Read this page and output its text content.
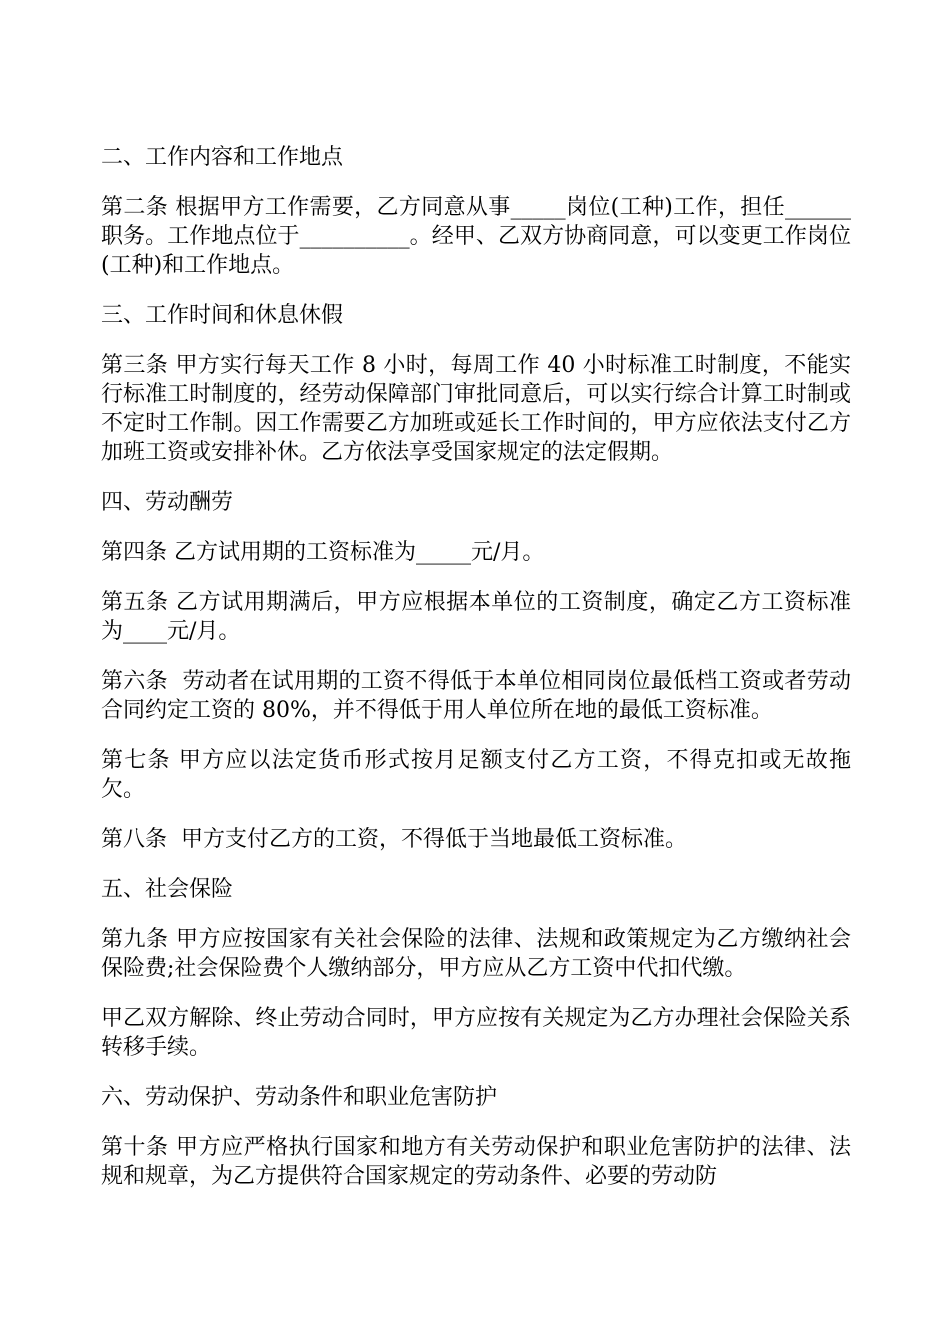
二、工作内容和工作地点

第二条 根据甲方工作需要，乙方同意从事_____岗位(工种)工作，担任______职务。工作地点位于__________。经甲、乙双方协商同意，可以变更工作岗位(工种)和工作地点。

三、工作时间和休息休假

第三条 甲方实行每天工作 8 小时，每周工作 40 小时标准工时制度，不能实行标准工时制度的，经劳动保障部门审批同意后，可以实行综合计算工时制或不定时工作制。因工作需要乙方加班或延长工作时间的，甲方应依法支付乙方加班工资或安排补休。乙方依法享受国家规定的法定假期。

四、劳动酬劳

第四条 乙方试用期的工资标准为_____元/月。

第五条 乙方试用期满后，甲方应根据本单位的工资制度，确定乙方工资标准为____元/月。

第六条  劳动者在试用期的工资不得低于本单位相同岗位最低档工资或者劳动合同约定工资的 80%，并不得低于用人单位所在地的最低工资标准。

第七条 甲方应以法定货币形式按月足额支付乙方工资，不得克扣或无故拖欠。

第八条  甲方支付乙方的工资，不得低于当地最低工资标准。

五、社会保险

第九条 甲方应按国家有关社会保险的法律、法规和政策规定为乙方缴纳社会保险费;社会保险费个人缴纳部分，甲方应从乙方工资中代扣代缴。

甲乙双方解除、终止劳动合同时，甲方应按有关规定为乙方办理社会保险关系转移手续。

六、劳动保护、劳动条件和职业危害防护

第十条 甲方应严格执行国家和地方有关劳动保护和职业危害防护的法律、法规和规章，为乙方提供符合国家规定的劳动条件、必要的劳动防
